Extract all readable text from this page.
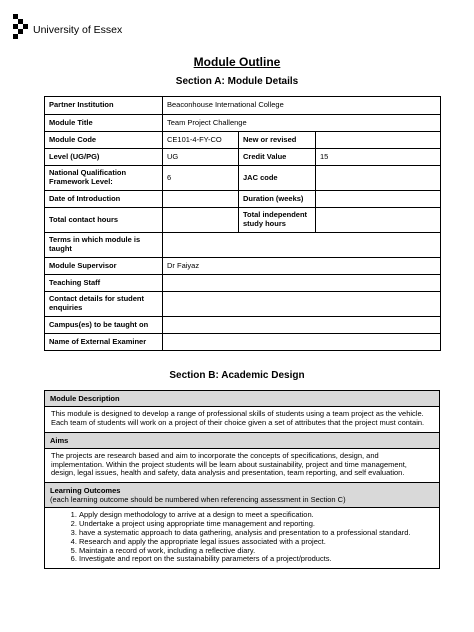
University of Essex
Module Outline
Section A: Module Details
Partner Institution	Beaconhouse International College		
Module Title	Team Project Challenge		
Module Code	CE101-4-FY-CO	New or revised	
Level (UG/PG)	UG	Credit Value	15
National Qualification Framework Level:	6	JAC code	
Date of Introduction		Duration (weeks)	
Total contact hours		Total independent study hours	
Terms in which module is taught			
Module Supervisor	Dr Faiyaz		
Teaching Staff			
Contact details for student enquiries			
Campus(es) to be taught on			
Name of External Examiner			
Section B: Academic Design
Module Description
This module is designed to develop a range of professional skills of students using a team project as the vehicle. Each team of students will work on a project of their choice given a set of attributes that the project must contain.
Aims
The projects are research based and aim to incorporate the concepts of specifications, design, and implementation. Within the project students will be learn about sustainability, project and time management, design, legal issues, health and safety, data analysis and presentation, team reporting, and self evaluation.
Learning Outcomes
(each learning outcome should be numbered when referencing assessment in Section C)
1. Apply design methodology to arrive at a design to meet a specification.
2. Undertake a project using appropriate time management and reporting.
3. have a systematic approach to data gathering, analysis and presentation to a professional standard.
4. Research and apply the appropriate legal issues associated with a project.
5. Maintain a record of work, including a reflective diary.
6. Investigate and report on the sustainability parameters of a project/products.
